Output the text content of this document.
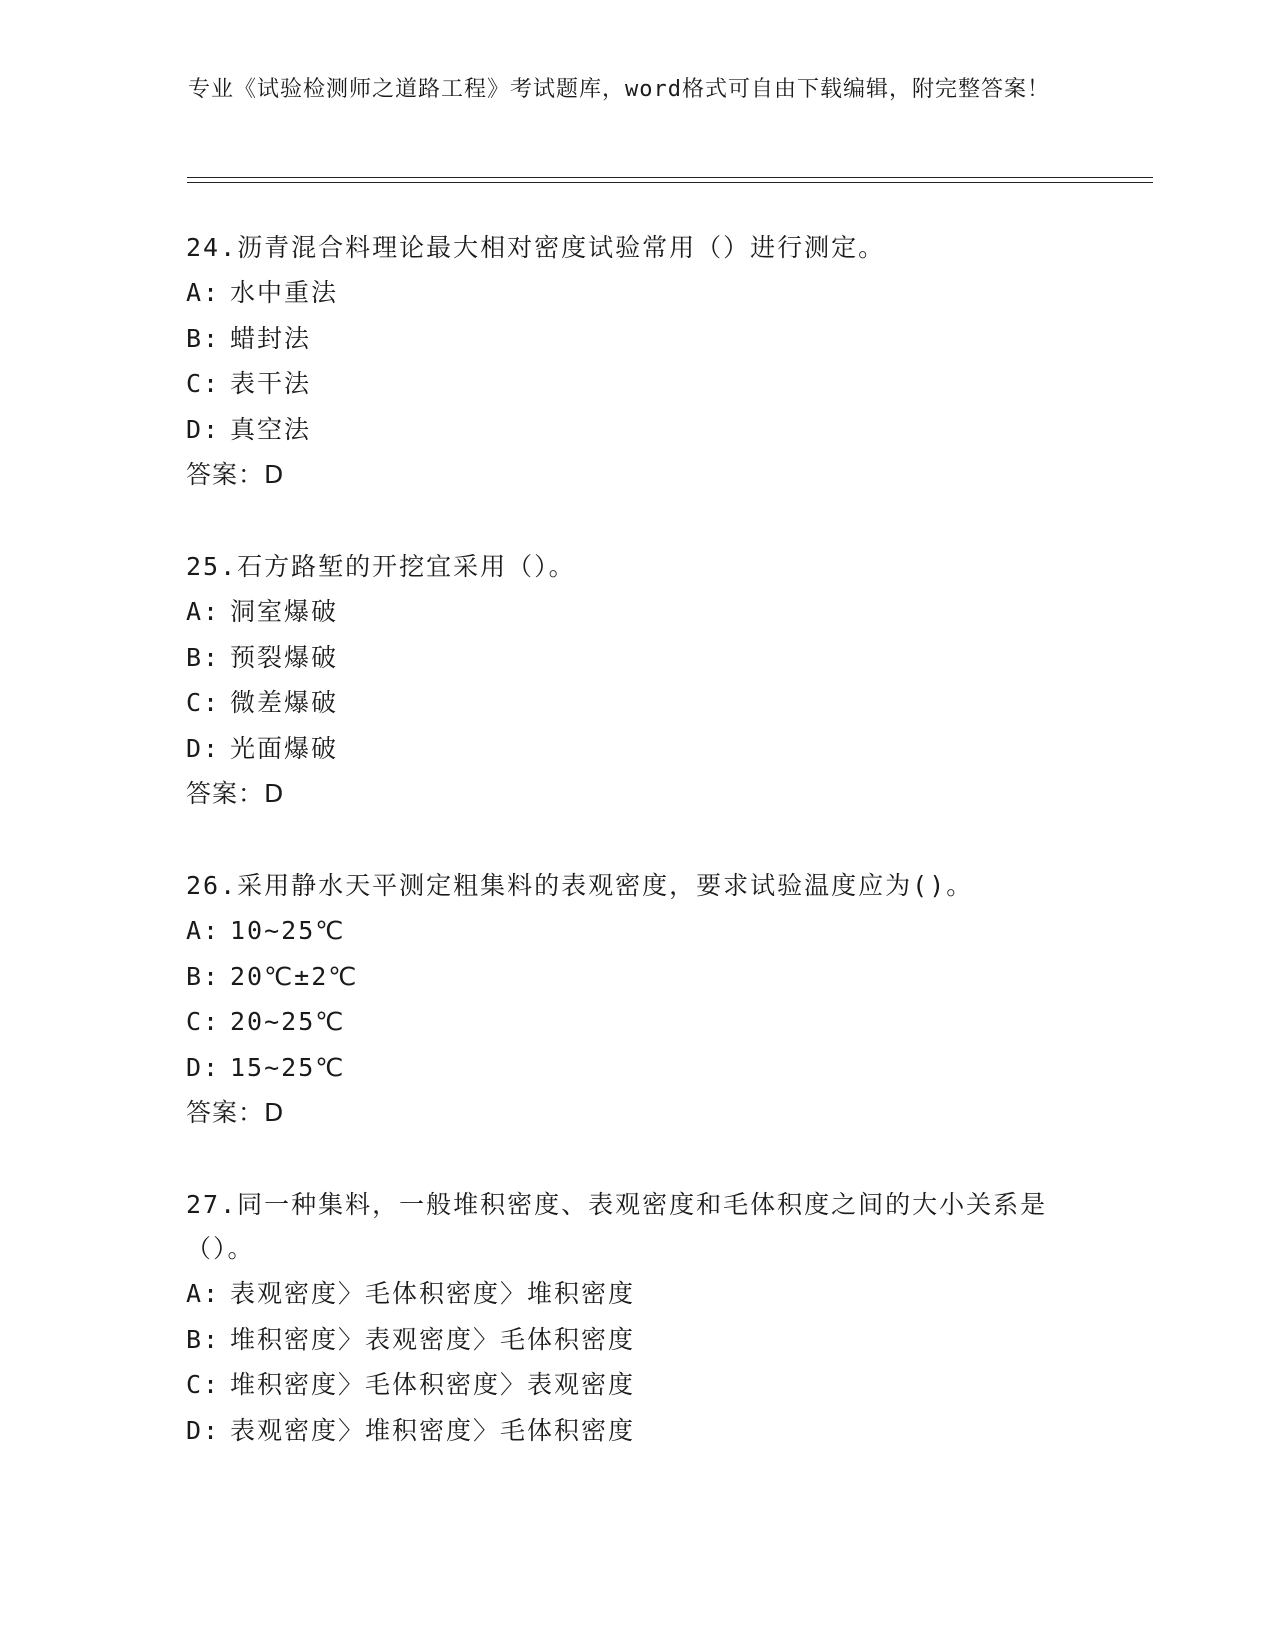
专业《试验检测师之道路工程》考试题库，word格式可自由下载编辑，附完整答案！
24.沥青混合料理论最大相对密度试验常用（）进行测定。
A: 水中重法
B: 蜡封法
C: 表干法
D: 真空法
答案：D
25.石方路堑的开挖宜采用（）。
A: 洞室爆破
B: 预裂爆破
C: 微差爆破
D: 光面爆破
答案：D
26.采用静水天平测定粗集料的表观密度，要求试验温度应为()。
A: 10~25℃
B: 20℃±2℃
C: 20~25℃
D: 15~25℃
答案：D
27.同一种集料，一般堆积密度、表观密度和毛体积度之间的大小关系是（）。
A: 表观密度〉毛体积密度〉堆积密度
B: 堆积密度〉表观密度〉毛体积密度
C: 堆积密度〉毛体积密度〉表观密度
D: 表观密度〉堆积密度〉毛体积密度
